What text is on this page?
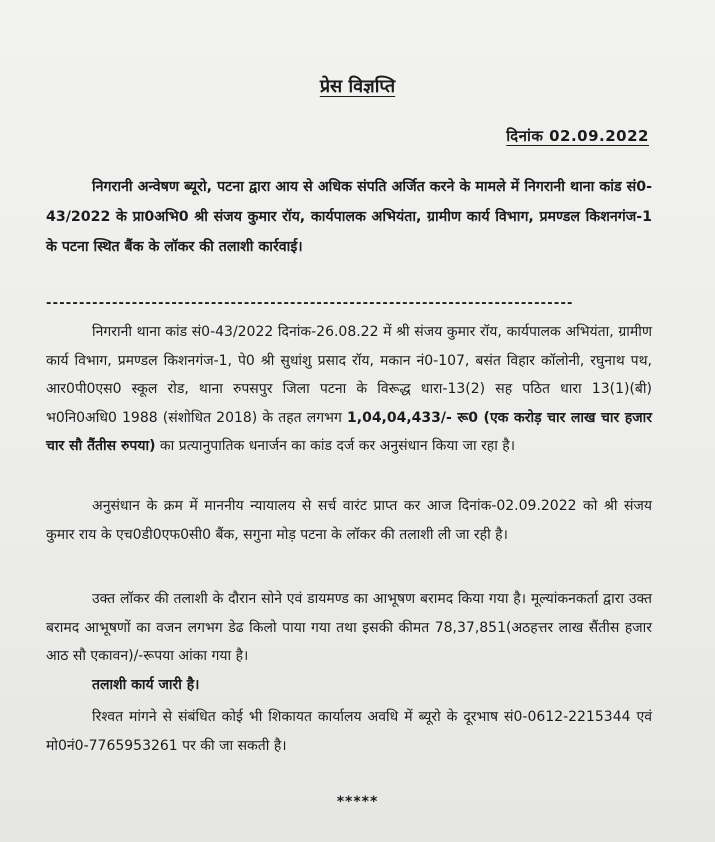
प्रेस विज्ञप्ति
दिनांक 02.09.2022
निगरानी अन्वेषण ब्यूरो, पटना द्वारा आय से अधिक संपति अर्जित करने के मामले में निगरानी थाना कांड सं0-43/2022 के प्रा0अभि0 श्री संजय कुमार रॉय, कार्यपालक अभियंता, ग्रामीण कार्य विभाग, प्रमण्डल किशनगंज-1 के पटना स्थित बैंक के लॉकर की तलाशी कार्रवाई।
--------------------------------------------------------------------------------
निगरानी थाना कांड सं0-43/2022 दिनांक-26.08.22 में श्री संजय कुमार रॉय, कार्यपालक अभियंता, ग्रामीण कार्य विभाग, प्रमण्डल किशनगंज-1, पे0 श्री सुधांशु प्रसाद रॉय, मकान नं0-107, बसंत विहार कॉलोनी, रघुनाथ पथ, आर0पी0एस0 स्कूल रोड, थाना रुपसपुर जिला पटना के विरूद्ध धारा-13(2) सह पठित धारा 13(1)(बी) भ0नि0अधि0 1988 (संशोधित 2018) के तहत लगभग 1,04,04,433/- रू0 (एक करोड़ चार लाख चार हजार चार सौ तैंतीस रुपया) का प्रत्यानुपातिक धनार्जन का कांड दर्ज कर अनुसंधान किया जा रहा है।
अनुसंधान के क्रम में माननीय न्यायालय से सर्च वारंट प्राप्त कर आज दिनांक-02.09.2022 को श्री संजय कुमार राय के एच0डी0एफ0सी0 बैंक, सगुना मोड़ पटना के लॉकर की तलाशी ली जा रही है।
उक्त लॉकर की तलाशी के दौरान सोने एवं डायमण्ड का आभूषण बरामद किया गया है। मूल्यांकनकर्ता द्वारा उक्त बरामद आभूषणों का वजन लगभग डेढ किलो पाया गया तथा इसकी कीमत 78,37,851(अठहत्तर लाख सैंतीस हजार आठ सौ एकावन)/-रूपया आंका गया है।
तलाशी कार्य जारी है।
रिश्वत मांगने से संबंधित कोई भी शिकायत कार्यालय अवधि में ब्यूरो के दूरभाष सं0-0612-2215344 एवं मो0नं0-7765953261 पर की जा सकती है।
*****
